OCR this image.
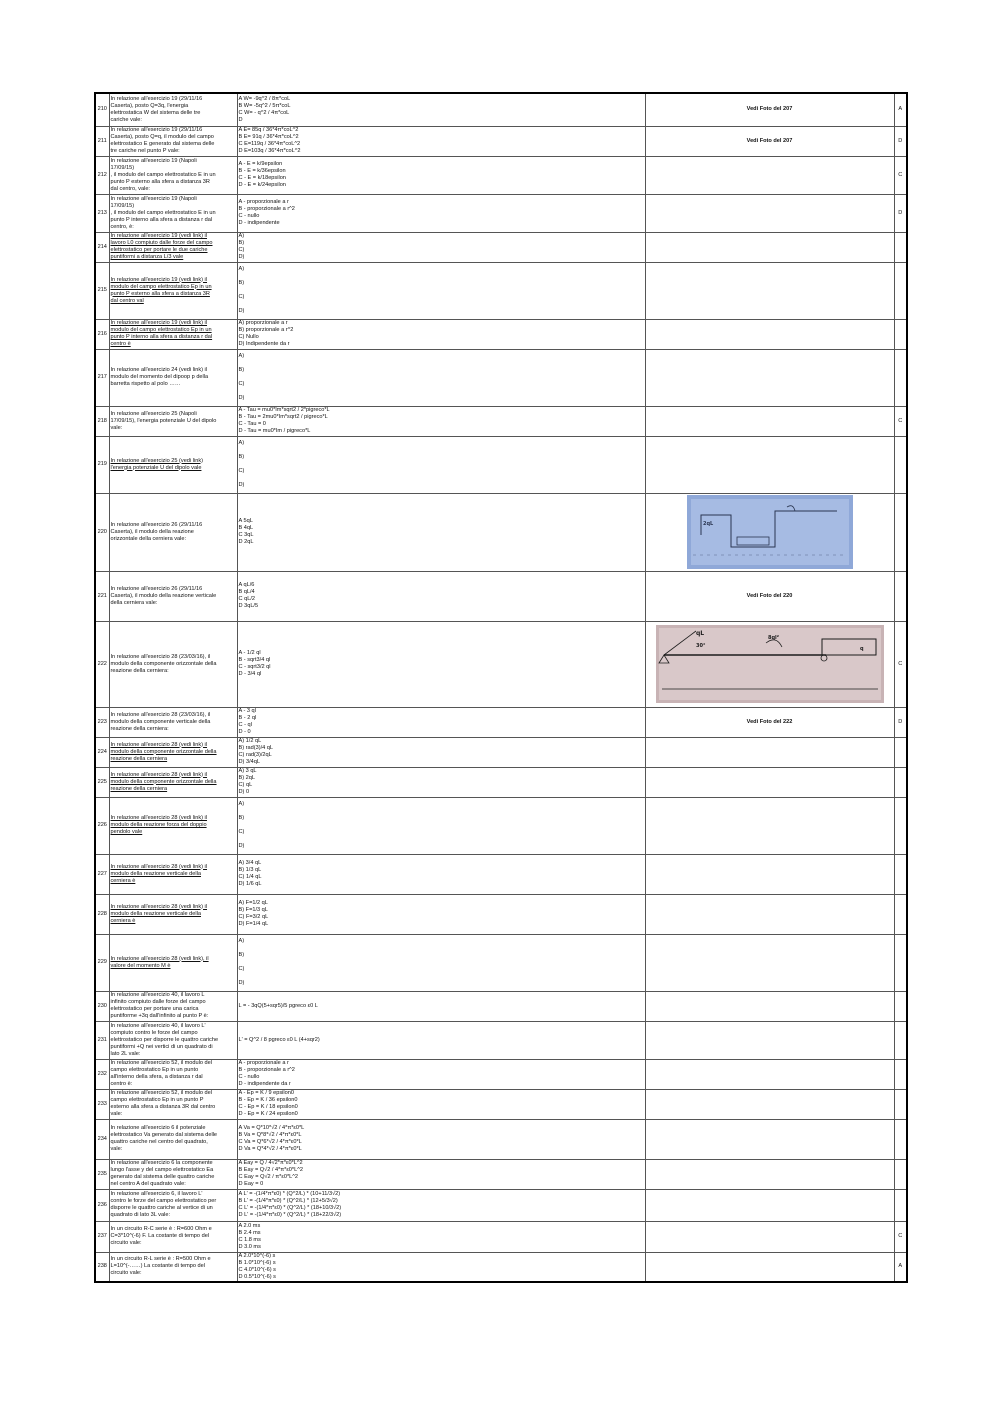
210	In relazione all'esercizio 19 (29/11/16
Caserta), posto Q=3q, l'energia
elettrostatica W del sistema delle tre
cariche vale:	A W= -9q^2 / 8π*coL
B W= -5q^2 / 5π*coL
C W= - q^2 / 4π*coL
D	Vedi Foto del 207	A
211	In relazione all'esercizio 19 (29/11/16
Caserta), posto Q=q, il modulo del campo
elettrostatico E generato dal sistema delle
tre cariche nel punto P vale:	A E= 85q / 36*4π*coL^2
B E= 91q / 36*4π*coL^2
C E=119q / 36*4π*coL^2
D E=103q / 36*4π*coL^2	Vedi Foto del 207	D
212	In relazione all'esercizio 19 (Napoli
17/09/15)
, il modulo del campo elettrostatico E in un
punto P esterno alla sfera a distanza 3R
dal centro, vale:	A - E = k/9epsilon
B - E = k/36epsilon
C - E = k/18epsilon
D - E = k/24epsilon		C
213	In relazione all'esercizio 19 (Napoli
17/09/15)
, il modulo del campo elettrostatico E in un
punto P interno alla sfera a distanza r dal
centro, è:	A - proporzionale a r
B - proporzionale a r^2
C - nullo
D - indipendente		D
214	In relazione all'esercizio 19 (vedi link) il
lavoro L0 compiuto dalle forze del campo
elettrostatico per portare le due cariche
puntiformi a distanza L/3 vale	A)
B)
C)
D)		
215	In relazione all'esercizio 19 (vedi link) il
modulo del campo elettrostatico Ep in un
punto P esterno alla sfera a distanza 3R
dal centro val	A)

B)

C)

D)		
216	In relazione all'esercizio 19 (vedi link) il
modulo del campo elettrostatico Ep in un
punto P interno alla sfera a distanza r dal
centro è	A) proporzionale a r
B) proporzionale a r^2
C) Nullo
D) Indipendente da r		
217	In relazione all'esercizio 24 (vedi link) il
modulo del momento del dipoop p della
barretta rispetto al polo ……	A)

B)

C)

D)		
218	In relazione all'esercizio 25 (Napoli
17/09/15), l'energia potenziale U del dipolo
vale:	A - Tau = mu0*Im*sqrt2 / 2*pigreco*L
B - Tau = 2mu0*Im*sqrt2 / pigreco*L
C - Tau = 0
D - Tau = mu0*Im / pigreco*L		C
219	In relazione all'esercizio 25 (vedi link)
l'energia potenziale U del dipolo vale	A)

B)

C)

D)		
220	In relazione all'esercizio 26 (29/11/16
Caserta), il modulo della reazione
orizzontale della cerniera vale:	A 5qL
B 4qL
C 3qL
D 2qL	2qL	

221	In relazione all'esercizio 26 (29/11/16
Caserta), il modulo della reazione verticale
della cerniera vale:	A qL/6
B qL/4
C qL/2
D 3qL/5	Vedi Foto del 220	
222	In relazione all'esercizio 28 (23/03/16), il
modulo della componente orizzontale della
reazione della cerniera:	A - 1/2 ql
B - sqrt3/4 ql
C - sqrt3/2 ql
D - 3/4 ql	qL
30°
8ql²
q	C
223	In relazione all'esercizio 28 (23/03/16), il
modulo della componente verticale della
reazione della cerniera:	A - 3 ql
B - 2 ql
C - ql
D - 0	Vedi Foto del 222	D
224	In relazione all'esercizio 28 (vedi link) il
modulo della componente orizzontale della
reazione della cerniera	A) 1/2 qL
B) rad(3)/4 qL
C) rad(3)/2qL
D) 3/4qL		
225	In relazione all'esercizio 28 (vedi link) il
modulo della componente orizzontale della
reazione della cerniera	A) 3 qL
B) 2qL
C) qL
D) 0		
226	In relazione all'esercizio 28 (vedi link) il
modulo della reazione forza del doppio
pendolo vale	A)

B)

C)

D)		
227	In relazione all'esercizio 28 (vedi link) il
modulo della reazione verticale della
cerniera è	A) 3/4 qL
B) 1/3 qL
C) 1/4 qL
D) 1/6 qL		
228	In relazione all'esercizio 28 (vedi link) il
modulo della reazione verticale della
cerniera è	A) F=1/2 qL
B) F=1/3 qL
C) F=3/2 qL
D) F=1/4 qL		
229	In relazione all'esercizio 28 (vedi link), il
valore del momento M è	A)

B)

C)

D)		
230	In relazione all'esercizio 40, il lavoro L
infinito compiuto dalle forze del campo
elettrostatico per portare una carica
puntiforme +3q dall'infinito al punto P è:	L = - 3qQ(5+sqr5)/5 pgreco ε0 L		
231	In relazione all'esercizio 40, il lavoro L'
compiuto contro le forze del campo
elettrostatico per disporre le quattro cariche
puntiformi +Q nei vertici di un quadrato di
lato 2L vale:	L' = Q^2 / 8 pgreco ε0 L (4+sqr2)		
232	In relazione all'esercizio 52, il modulo del
campo elettrostatico Ep in un punto
all'interno della sfera, a distanza r dal
centro è:	A - proporzionale a r
B - proporzionale a r^2
C - nullo
D - indipendente da r		
233	In relazione all'esercizio 52, il modulo del
campo elettrostatico Ep in un punto P
esterno alla sfera a distanza 3R dal centro
vale:	A - Ep = K / 9 epsilon0
B - Ep = K / 36 epsilon0
C - Ep = K / 18 epsilon0
D - Ep = K / 24 epsilon0		
234	In relazione all'esercizio 6 il potenziale
elettrostatico Va generato dal sistema delle
quattro cariche nel centro del quadrato,
vale:	A Va = Q*10*√2 / 4*π*ε0*L
B Va = Q*8*√2 / 4*π*ε0*L
C Va = Q*6*√2 / 4*π*ε0*L
D Va = Q*4*√2 / 4*π*ε0*L		
235	In relazione all'esercizio 6 la componente
lungo l'asse y del campo elettrostatico Ea
generato dal sistema delle quattro cariche
nel centro A del quadrato vale:	A Eay = Q / 4√2*π*ε0*L^2
B Eay = Q√2 / 4*π*ε0*L^2
C Eay = Q√2 / π*ε0*L^2
D Eay = 0		
236	In relazione all'esercizio 6, il lavoro L'
contro le forze del campo elettrostatico per
disporre le quattro cariche al vertice di un
quadrato di lato 3L vale:	A L' = -(1/4*π*ε0) * (Q^2/L) * (10+11/3√2)
B L' = -(1/4*π*ε0) * (Q^2/L) * (12+5/3√2)
C L' = -(1/4*π*ε0) * (Q^2/L) * (18+10/3√2)
D L' = -(1/4*π*ε0) * (Q^2/L) * (18+22/3√2)		
237	In un circuito R-C serie è : R=600 Ohm e
C=3*10^(-6) F. La costante di tempo del
circuito vale:	A 2.0 ms
B 2.4 ms
C 1.8 ms
D 3.0 ms		C
238	In un circuito R-L serie è : R=500 Ohm e
L=10^(-……) La costante di tempo del
circuito vale:	A 2.0*10^(-6) s
B 1.0*10^(-6) s
C 4.0*10^(-6) s
D 0.5*10^(-6) s		A
